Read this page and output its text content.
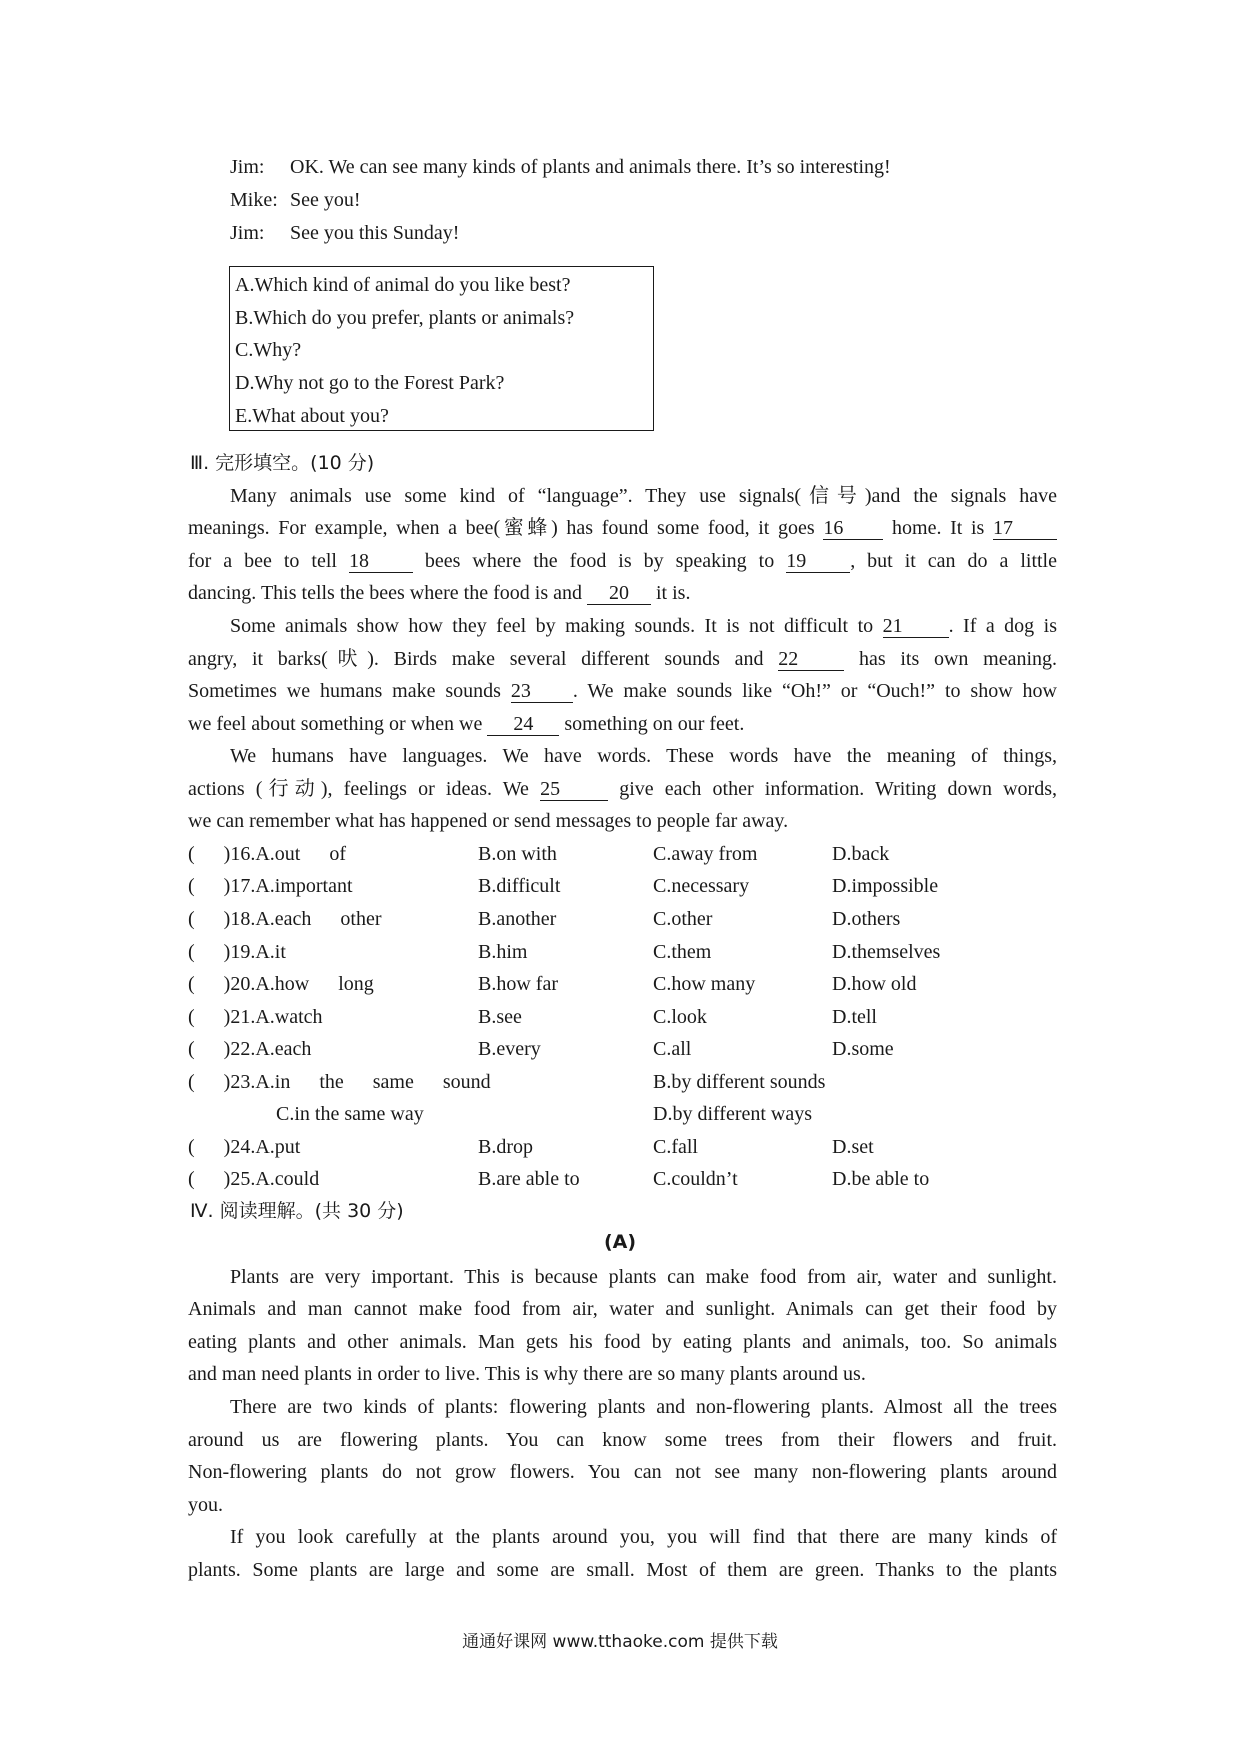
Jim: OK. We can see many kinds of plants and animals there. It’s so interesting!
Mike: See you!
Jim: See you this Sunday!
A.Which kind of animal do you like best?
B.Which do you prefer, plants or animals?
C.Why?
D.Why not go to the Forest Park?
E.What about you?
Ⅲ. 完形填空。(10 分)
Many animals use some kind of “language”. They use signals(信号)and the signals have
meanings. For example, when a bee(蜜蜂) has found some food, it goes 16 home. It is 17
for a bee to tell 18 bees where the food is by speaking to 19 , but it can do a little
dancing. This tells the bees where the food is and 20 it is.
Some animals show how they feel by making sounds. It is not difficult to 21 . If a dog is
angry, it barks(吠). Birds make several different sounds and 22 has its own meaning.
Sometimes we humans make sounds 23 . We make sounds like “Oh!” or “Ouch!” to show how
we feel about something or when we 24 something on our feet.
We humans have languages. We have words. These words have the meaning of things,
actions (行动), feelings or ideas. We 25 give each other information. Writing down words,
we can remember what has happened or send messages to people far away.
( )16.A.out of	B.on with	C.away from	D.back
( )17.A.important	B.difficult	C.necessary	D.impossible
( )18.A.each other	B.another	C.other	D.others
( )19.A.it	B.him	C.them	D.themselves
( )20.A.how long	B.how far	C.how many	D.how old
( )21.A.watch	B.see	C.look	D.tell
( )22.A.each	B.every	C.all	D.some
( )23.A.in the same sound	B.by different sounds
C.in the same way	D.by different ways
( )24.A.put	B.drop	C.fall	D.set
( )25.A.could	B.are able to	C.couldn’t	D.be able to
Ⅳ. 阅读理解。(共 30 分)
(A)
Plants are very important. This is because plants can make food from air, water and sunlight.
Animals and man cannot make food from air, water and sunlight. Animals can get their food by
eating plants and other animals. Man gets his food by eating plants and animals, too. So animals
and man need plants in order to live. This is why there are so many plants around us.
There are two kinds of plants: flowering plants and non-flowering plants. Almost all the trees
around us are flowering plants. You can know some trees from their flowers and fruit.
Non-flowering plants do not grow flowers. You can not see many non-flowering plants around
you.
If you look carefully at the plants around you, you will find that there are many kinds of
plants. Some plants are large and some are small. Most of them are green. Thanks to the plants
通通好课网 www.tthaoke.com 提供下载
